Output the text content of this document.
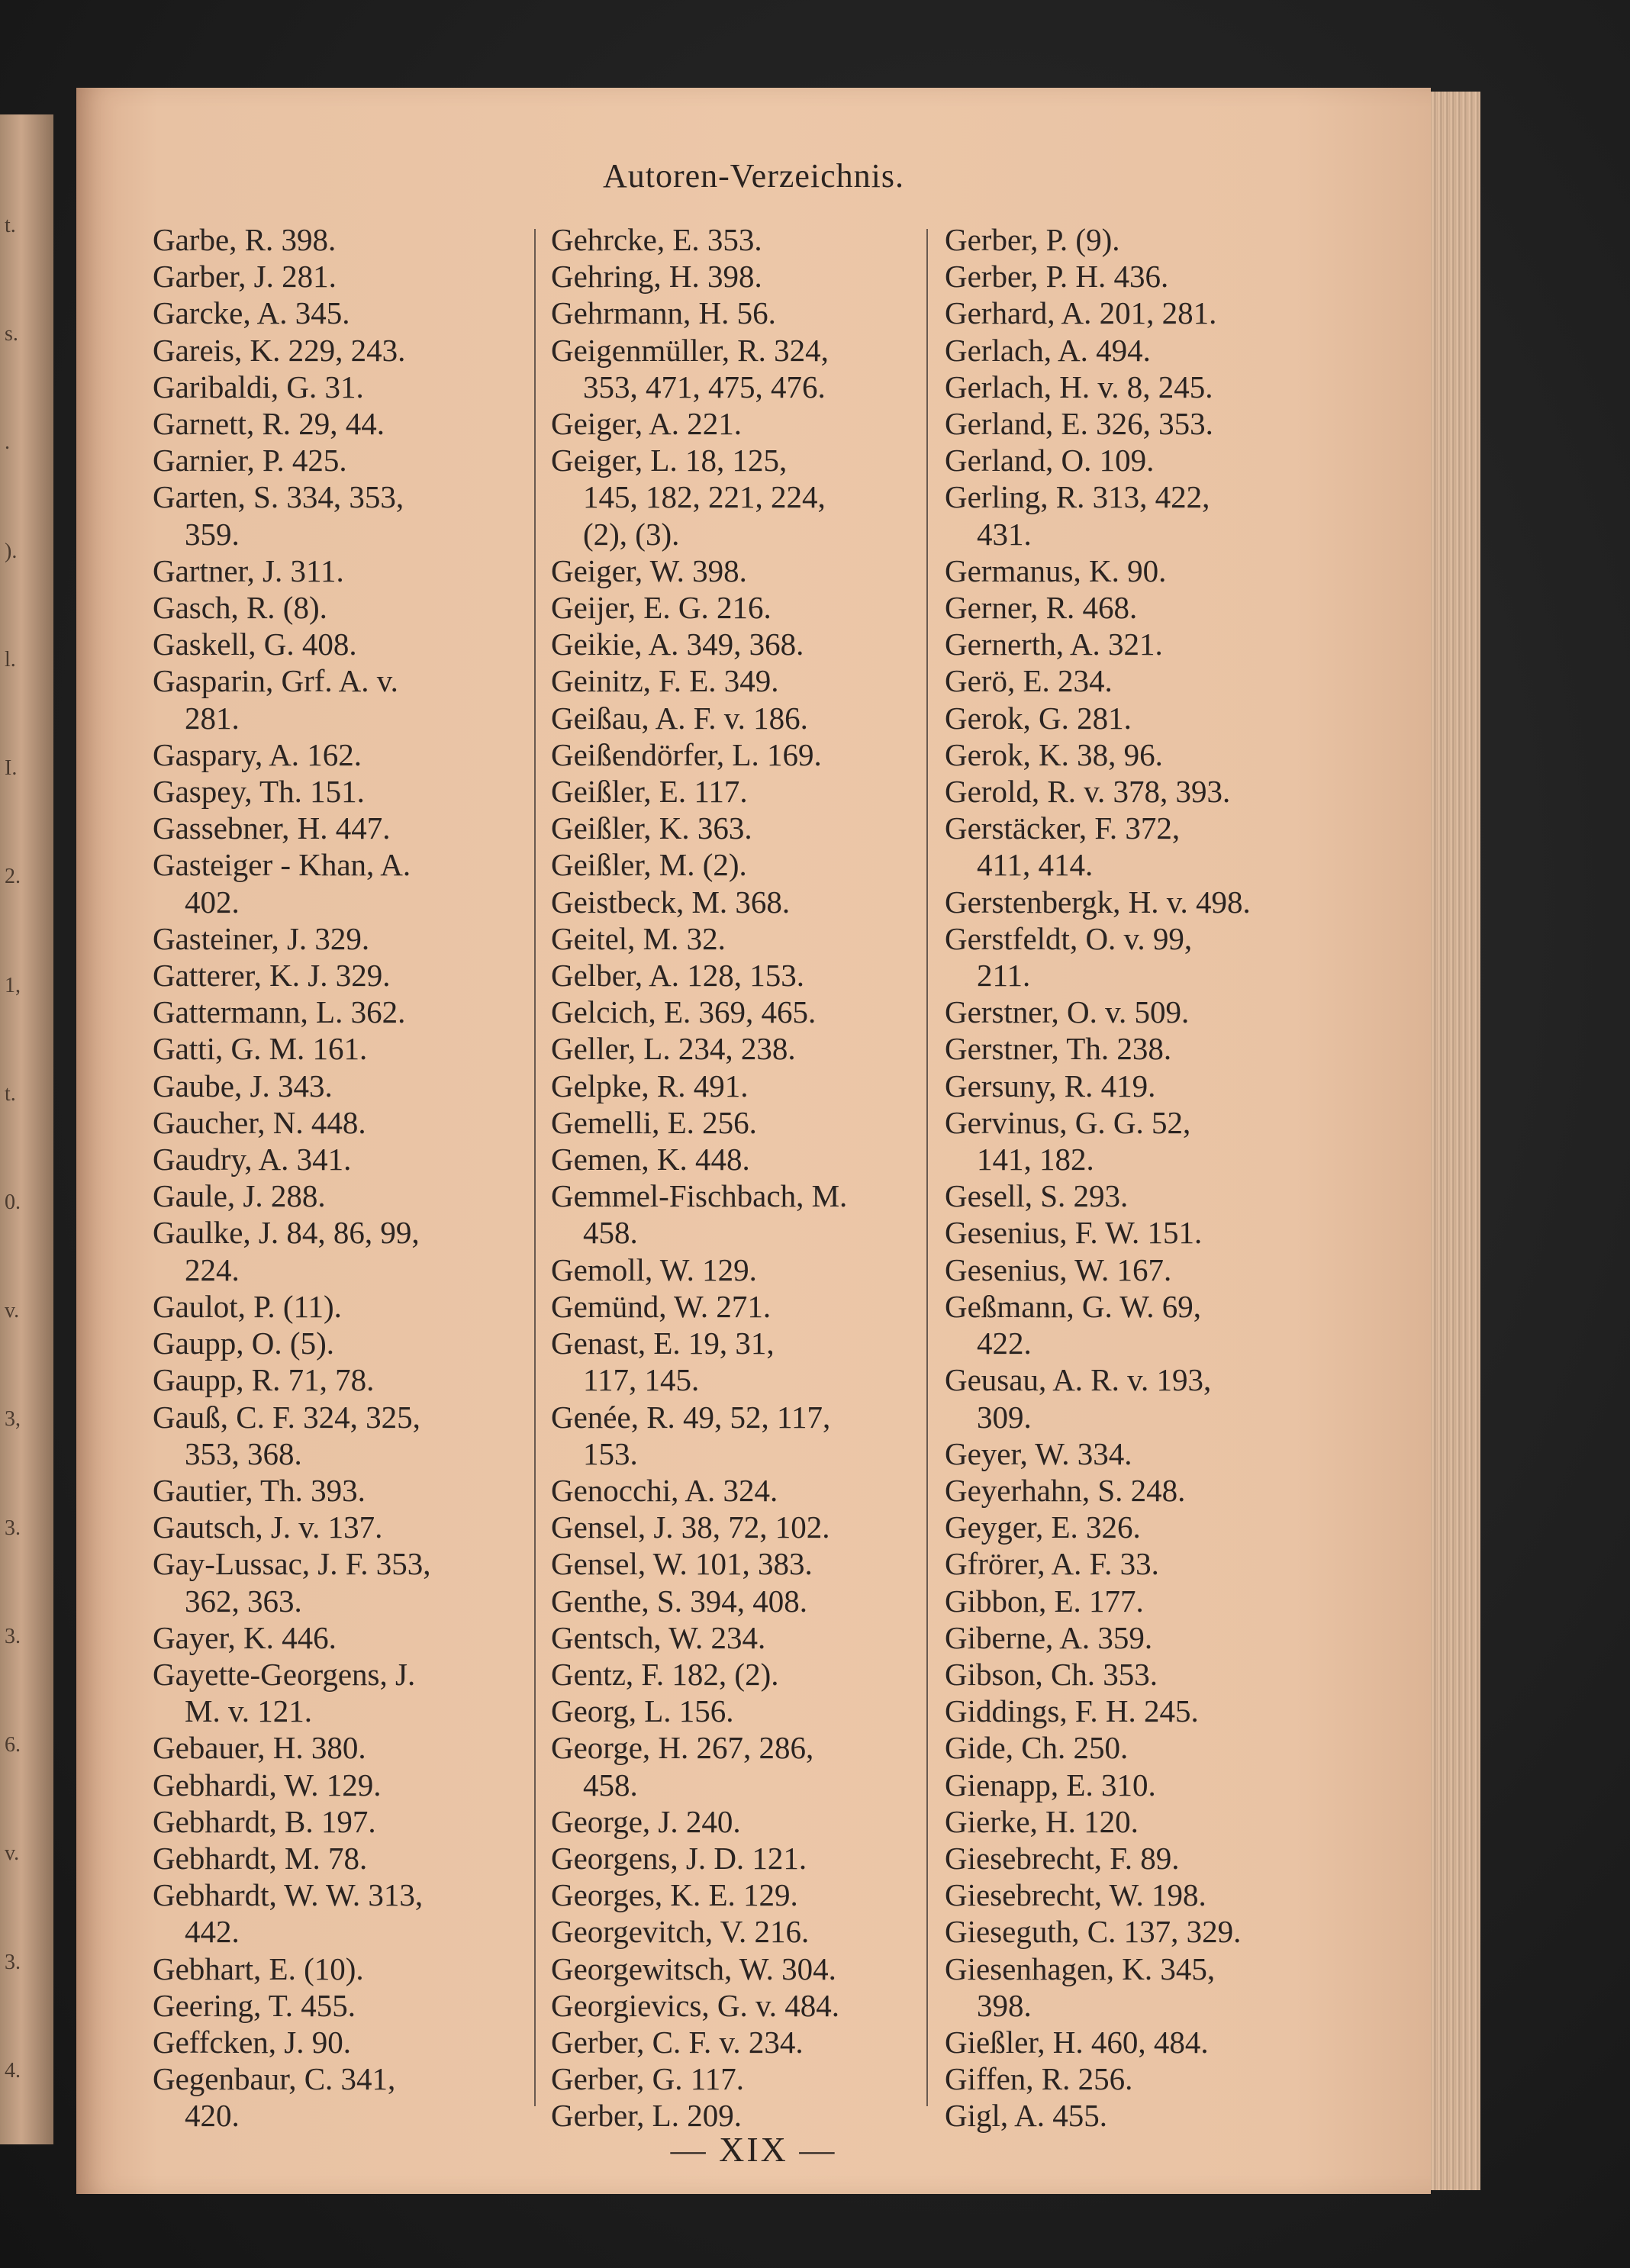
t.
s.
.
).
l.
I.
2.
1,
t.
0.
v.
3,
3.
3.
6.
v.
3.
4.
Autoren-Verzeichnis.
Garbe, R. 398.
Garber, J. 281.
Garcke, A. 345.
Gareis, K. 229, 243.
Garibaldi, G. 31.
Garnett, R. 29, 44.
Garnier, P. 425.
Garten, S. 334, 353,
359.
Gartner, J. 311.
Gasch, R. (8).
Gaskell, G. 408.
Gasparin, Grf. A. v.
281.
Gaspary, A. 162.
Gaspey, Th. 151.
Gassebner, H. 447.
Gasteiger - Khan, A.
402.
Gasteiner, J. 329.
Gatterer, K. J. 329.
Gattermann, L. 362.
Gatti, G. M. 161.
Gaube, J. 343.
Gaucher, N. 448.
Gaudry, A. 341.
Gaule, J. 288.
Gaulke, J. 84, 86, 99,
224.
Gaulot, P. (11).
Gaupp, O. (5).
Gaupp, R. 71, 78.
Gauß, C. F. 324, 325,
353, 368.
Gautier, Th. 393.
Gautsch, J. v. 137.
Gay-Lussac, J. F. 353,
362, 363.
Gayer, K. 446.
Gayette-Georgens, J.
M. v. 121.
Gebauer, H. 380.
Gebhardi, W. 129.
Gebhardt, B. 197.
Gebhardt, M. 78.
Gebhardt, W. W. 313,
442.
Gebhart, E. (10).
Geering, T. 455.
Geffcken, J. 90.
Gegenbaur, C. 341,
420.
Gehrcke, E. 353.
Gehring, H. 398.
Gehrmann, H. 56.
Geigenmüller, R. 324,
353, 471, 475, 476.
Geiger, A. 221.
Geiger, L. 18, 125,
145, 182, 221, 224,
(2), (3).
Geiger, W. 398.
Geijer, E. G. 216.
Geikie, A. 349, 368.
Geinitz, F. E. 349.
Geißau, A. F. v. 186.
Geißendörfer, L. 169.
Geißler, E. 117.
Geißler, K. 363.
Geißler, M. (2).
Geistbeck, M. 368.
Geitel, M. 32.
Gelber, A. 128, 153.
Gelcich, E. 369, 465.
Geller, L. 234, 238.
Gelpke, R. 491.
Gemelli, E. 256.
Gemen, K. 448.
Gemmel-Fischbach, M.
458.
Gemoll, W. 129.
Gemünd, W. 271.
Genast, E. 19, 31,
117, 145.
Genée, R. 49, 52, 117,
153.
Genocchi, A. 324.
Gensel, J. 38, 72, 102.
Gensel, W. 101, 383.
Genthe, S. 394, 408.
Gentsch, W. 234.
Gentz, F. 182, (2).
Georg, L. 156.
George, H. 267, 286,
458.
George, J. 240.
Georgens, J. D. 121.
Georges, K. E. 129.
Georgevitch, V. 216.
Georgewitsch, W. 304.
Georgievics, G. v. 484.
Gerber, C. F. v. 234.
Gerber, G. 117.
Gerber, L. 209.
Gerber, P. (9).
Gerber, P. H. 436.
Gerhard, A. 201, 281.
Gerlach, A. 494.
Gerlach, H. v. 8, 245.
Gerland, E. 326, 353.
Gerland, O. 109.
Gerling, R. 313, 422,
431.
Germanus, K. 90.
Gerner, R. 468.
Gernerth, A. 321.
Gerö, E. 234.
Gerok, G. 281.
Gerok, K. 38, 96.
Gerold, R. v. 378, 393.
Gerstäcker, F. 372,
411, 414.
Gerstenbergk, H. v. 498.
Gerstfeldt, O. v. 99,
211.
Gerstner, O. v. 509.
Gerstner, Th. 238.
Gersuny, R. 419.
Gervinus, G. G. 52,
141, 182.
Gesell, S. 293.
Gesenius, F. W. 151.
Gesenius, W. 167.
Geßmann, G. W. 69,
422.
Geusau, A. R. v. 193,
309.
Geyer, W. 334.
Geyerhahn, S. 248.
Geyger, E. 326.
Gfrörer, A. F. 33.
Gibbon, E. 177.
Giberne, A. 359.
Gibson, Ch. 353.
Giddings, F. H. 245.
Gide, Ch. 250.
Gienapp, E. 310.
Gierke, H. 120.
Giesebrecht, F. 89.
Giesebrecht, W. 198.
Gieseguth, C. 137, 329.
Giesenhagen, K. 345,
398.
Gießler, H. 460, 484.
Giffen, R. 256.
Gigl, A. 455.
— XIX —
